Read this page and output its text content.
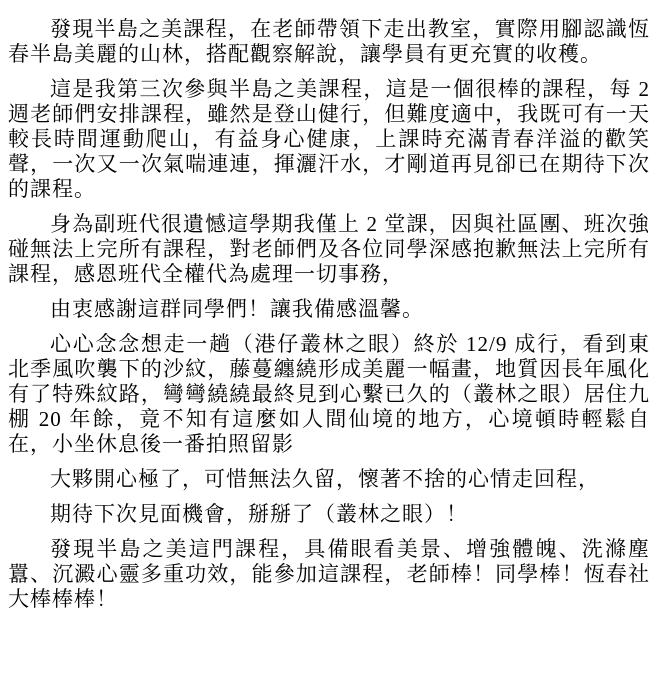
發現半島之美課程，在老師帶領下走出教室，實際用腳認識恆春半島美麗的山林，搭配觀察解說，讓學員有更充實的收穫。

這是我第三次參與半島之美課程，這是一個很棒的課程，每 2 週老師們安排課程，雖然是登山健行，但難度適中，我既可有一天較長時間運動爬山，有益身心健康，上課時充滿青春洋溢的歡笑聲，一次又一次氣喘連連，揮灑汗水，才剛道再見卻已在期待下次的課程。

身為副班代很遺憾這學期我僅上 2 堂課，因與社區團、班次強碰無法上完所有課程，對老師們及各位同學深感抱歉無法上完所有課程，感恩班代全權代為處理一切事務，

由衷感謝這群同學們！讓我備感溫馨。

心心念念想走一趟（港仔叢林之眼）終於 12/9 成行，看到東北季風吹襲下的沙紋，藤蔓纏繞形成美麗一幅畫，地質因長年風化有了特殊紋路，彎彎繞繞最終見到心繫已久的（叢林之眼）居住九棚 20 年餘，竟不知有這麼如人間仙境的地方，心境頓時輕鬆自在，小坐休息後一番拍照留影

大夥開心極了，可惜無法久留，懷著不捨的心情走回程，

期待下次見面機會，掰掰了（叢林之眼）！

發現半島之美這門課程，具備眼看美景、增強體魄、洗滌塵囂、沉澱心靈多重功效，能參加這課程，老師棒！同學棒！恆春社大棒棒棒！
